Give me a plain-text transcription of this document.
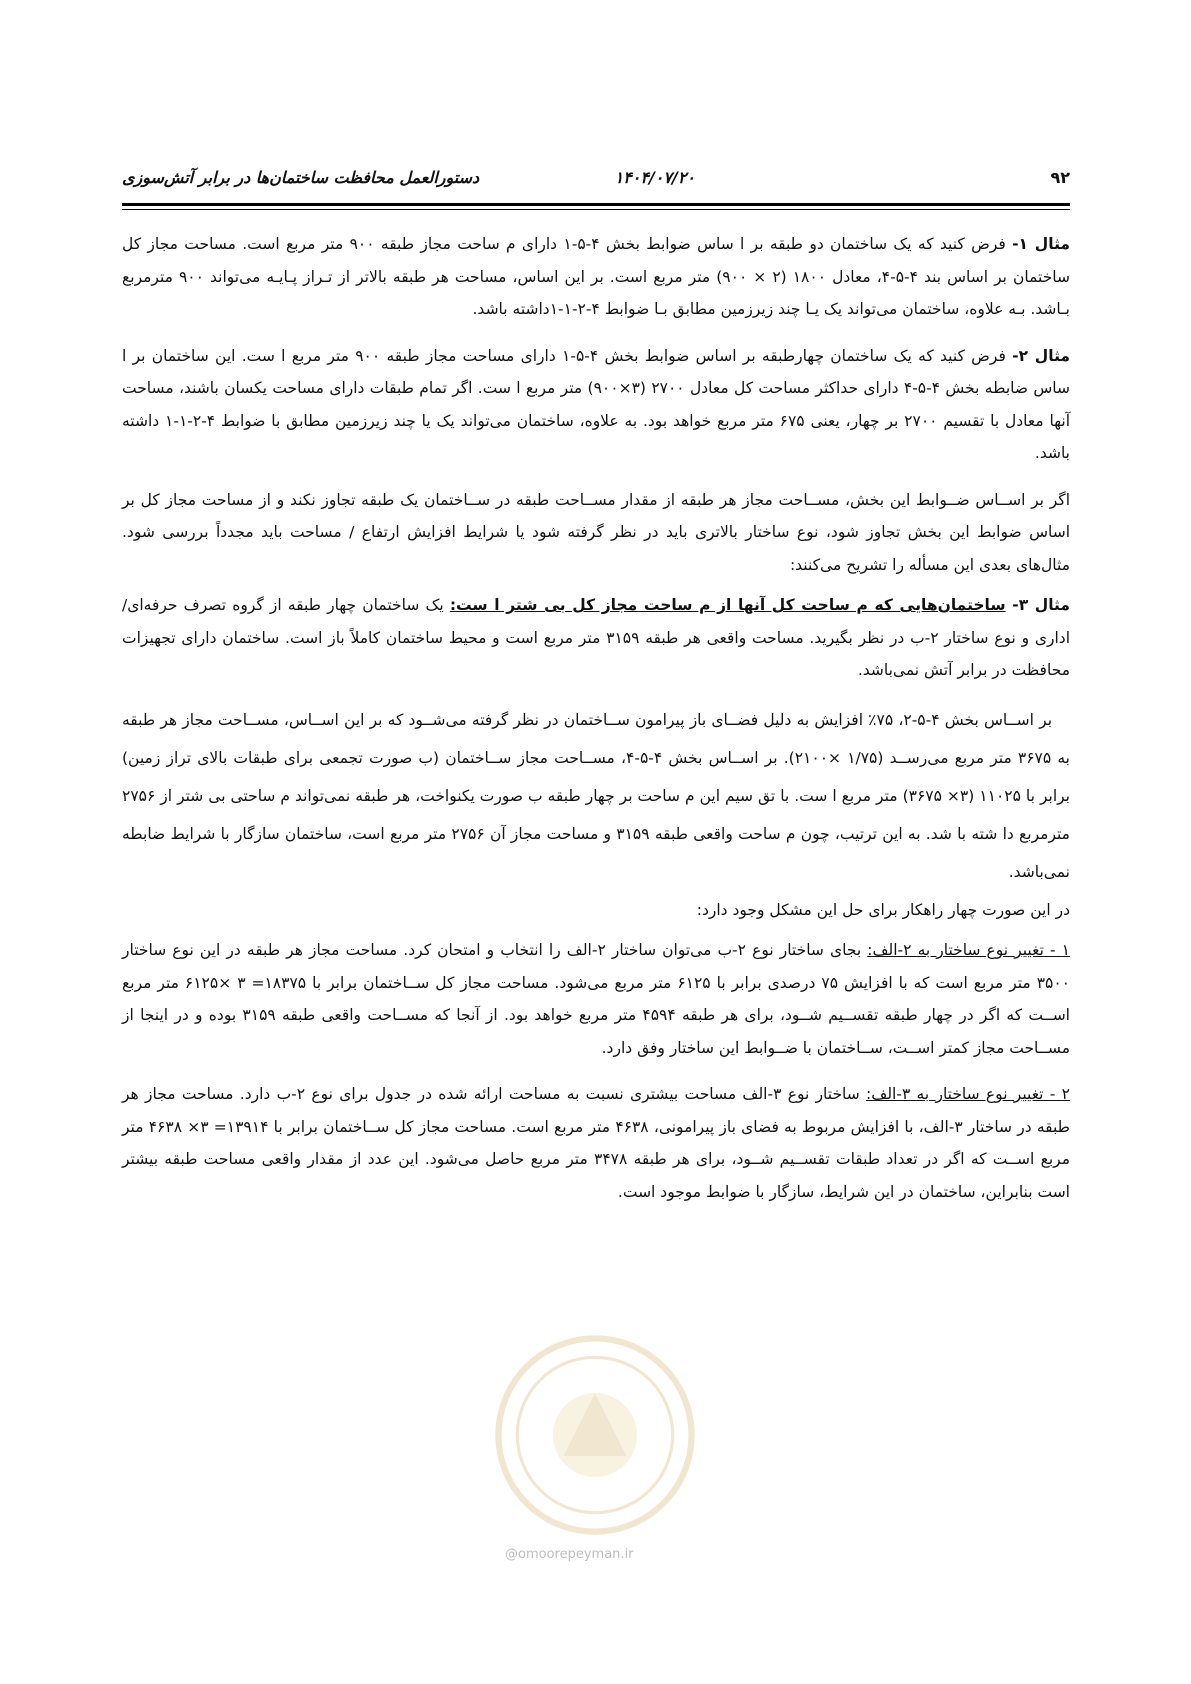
۹۲
۱۴۰۴/۰۷/۲۰
دستورالعمل محافظت ساختمان‌ها در برابر آتش‌سوزی
@omoorepeyman.ir

مثال ۱- فرض کنید که یک ساختمان دو طبقه بر ا ساس ضوابط بخش ۴-۵-۱ دارای م ساحت مجاز طبقه ۹۰۰ متر مربع است. مساحت مجاز کل ساختمان بر اساس بند ۴-۵-۴، معادل ۱۸۰۰ (۲ × ۹۰۰) متر مربع است. بر این اساس، مساحت هر طبقه بالاتر از تـراز پـایـه می‌تواند ۹۰۰ مترمربع بـاشد. بـه علاوه، ساختمان می‌تواند یک یـا چند زیرزمین مطابق بـا ضوابط ۴-۲-۱-۱داشته باشد.

مثال ۲- فرض کنید که یک ساختمان چهارطبقه بر اساس ضوابط بخش ۴-۵-۱ دارای مساحت مجاز طبقه ۹۰۰ متر مربع ا ست. این ساختمان بر ا ساس ضابطه بخش ۴-۵-۴ دارای حداکثر مساحت کل معادل ۲۷۰۰ (۳×۹۰۰) متر مربع ا ست. اگر تمام طبقات دارای مساحت یکسان باشند، مساحت آنها معادل با تقسیم ۲۷۰۰ بر چهار، یعنی ۶۷۵ متر مربع خواهد بود. به علاوه، ساختمان می‌تواند یک یا چند زیرزمین مطابق با ضوابط ۴-۲-۱-۱ داشته باشد.

اگر بر اســاس ضــوابط این بخش، مســاحت مجاز هر طبقه از مقدار مســاحت طبقه در ســاختمان یک طبقه تجاوز نکند و از مساحت مجاز کل بر اساس ضوابط این بخش تجاوز شود، نوع ساختار بالاتری باید در نظر گرفته شود یا شرایط افزایش ارتفاع / مساحت باید مجدداً بررسی شود. مثال‌های بعدی این مسأله را تشریح می‌کنند:

مثال ۳- ساختمان‌هایی که م ساحت کل آنها از م ساحت مجاز کل بی شتر ا ست: یک ساختمان چهار طبقه از گروه تصرف حرفه‌ای/اداری و نوع ساختار ۲-ب در نظر بگیرید. مساحت واقعی هر طبقه ۳۱۵۹ متر مربع است و محیط ساختمان کاملاً باز است. ساختمان دارای تجهیزات محافظت در برابر آتش نمی‌باشد.

بر اســاس بخش ۴-۵-۲، ۷۵٪ افزایش به دلیل فضــای باز پیرامون ســاختمان در نظر گرفته می‌شــود که بر این اســاس، مســاحت مجاز هر طبقه به ۳۶۷۵ متر مربع می‌رســد (۱/۷۵ ×۲۱۰۰). بر اســاس بخش ۴-۵-۴، مســاحت مجاز ســاختمان (ب صورت تجمعی برای طبقات بالای تراز زمین) برابر با ۱۱۰۲۵ (۳× ۳۶۷۵) متر مربع ا ست. با تق سیم این م ساحت بر چهار طبقه ب صورت یکنواخت، هر طبقه نمی‌تواند م ساحتی بی شتر از ۲۷۵۶ مترمربع دا شته با شد. به این ترتیب، چون م ساحت واقعی طبقه ۳۱۵۹ و مساحت مجاز آن ۲۷۵۶ متر مربع است، ساختمان سازگار با شرایط ضابطه نمی‌باشد.

در این صورت چهار راهکار برای حل این مشکل وجود دارد:

۱ - تغییر نوع ساختار به ۲-الف: بجای ساختار نوع ۲-ب می‌توان ساختار ۲-الف را انتخاب و امتحان کرد. مساحت مجاز هر طبقه در این نوع ساختار ۳۵۰۰ متر مربع است که با افزایش ۷۵ درصدی برابر با ۶۱۲۵ متر مربع می‌شود. مساحت مجاز کل ســاختمان برابر با ۱۸۳۷۵= ۳ ×۶۱۲۵ متر مربع اســت که اگر در چهار طبقه تقســیم شــود، برای هر طبقه ۴۵۹۴ متر مربع خواهد بود. از آنجا که مســاحت واقعی طبقه ۳۱۵۹ بوده و در اینجا از مســاحت مجاز کمتر اســت، ســاختمان با ضــوابط این ساختار وفق دارد.

۲ - تغییر نوع ساختار به ۳-الف: ساختار نوع ۳-الف مساحت بیشتری نسبت به مساحت ارائه شده در جدول برای نوع ۲-ب دارد. مساحت مجاز هر طبقه در ساختار ۳-الف، با افزایش مربوط به فضای باز پیرامونی، ۴۶۳۸ متر مربع است. مساحت مجاز کل ســاختمان برابر با ۱۳۹۱۴= ۳× ۴۶۳۸ متر مربع اســت که اگر در تعداد طبقات تقســیم شــود، برای هر طبقه ۳۴۷۸ متر مربع حاصل می‌شود. این عدد از مقدار واقعی مساحت طبقه بیشتر است بنابراین، ساختمان در این شرایط، سازگار با ضوابط موجود است.
